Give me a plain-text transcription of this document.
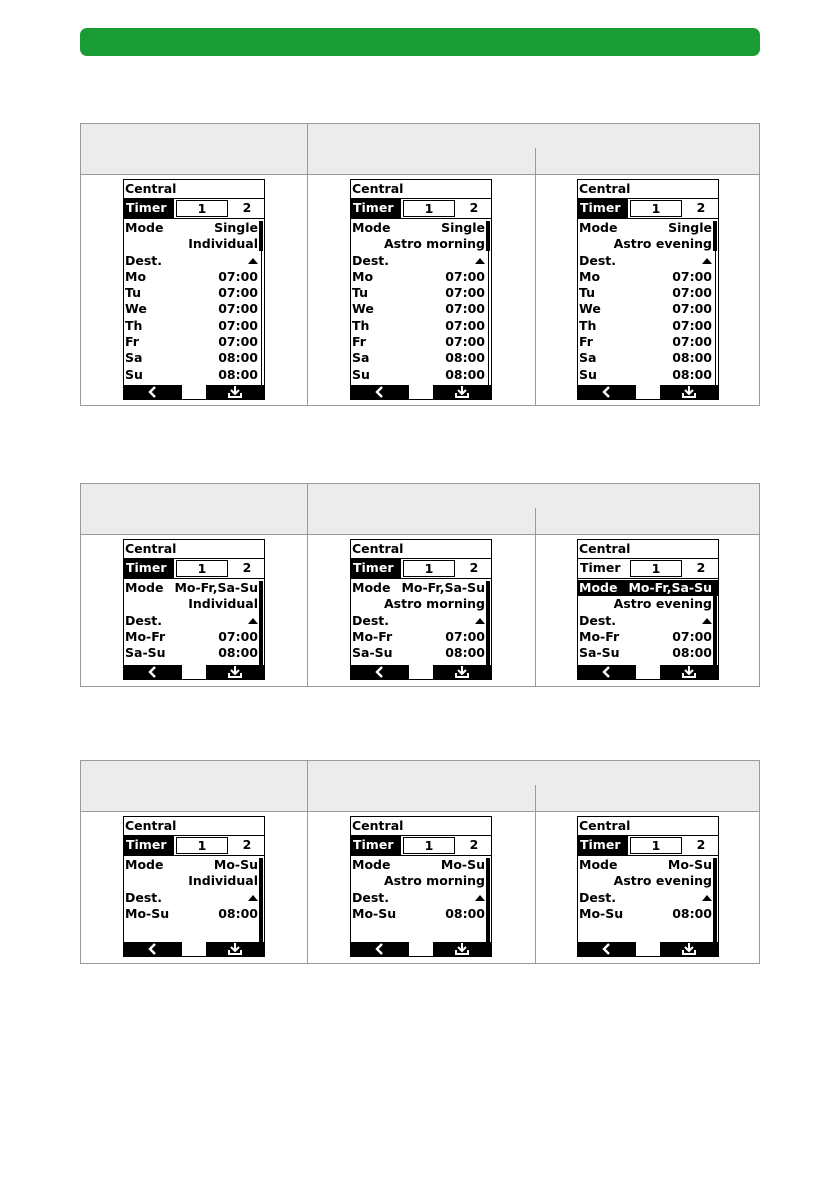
Central
Timer	1	2
Mode	Single
Individual
Dest.
Mo	07:00
Tu	07:00
We	07:00
Th	07:00
Fr	07:00
Sa	08:00
Su	08:00
Central
Timer	1	2
Mode	Single
Astro morning
Dest.
Mo	07:00
Tu	07:00
We	07:00
Th	07:00
Fr	07:00
Sa	08:00
Su	08:00
Central
Timer	1	2
Mode	Single
Astro evening
Dest.
Mo	07:00
Tu	07:00
We	07:00
Th	07:00
Fr	07:00
Sa	08:00
Su	08:00
Central
Timer	1	2
Mode Mo-Fr,Sa-Su
Individual
Dest.
Mo-Fr	07:00
Sa-Su	08:00
Central
Timer	1	2
Mode Mo-Fr,Sa-Su
Astro morning
Dest.
Mo-Fr	07:00
Sa-Su	08:00
Central
Timer	1	2
Mode Mo-Fr,Sa-Su
Astro evening
Dest.
Mo-Fr	07:00
Sa-Su	08:00
Central
Timer	1	2
Mode	Mo-Su
Individual
Dest.
Mo-Su	08:00
Central
Timer	1	2
Mode	Mo-Su
Astro morning
Dest.
Mo-Su	08:00
Central
Timer	1	2
Mode	Mo-Su
Astro evening
Dest.
Mo-Su	08:00
